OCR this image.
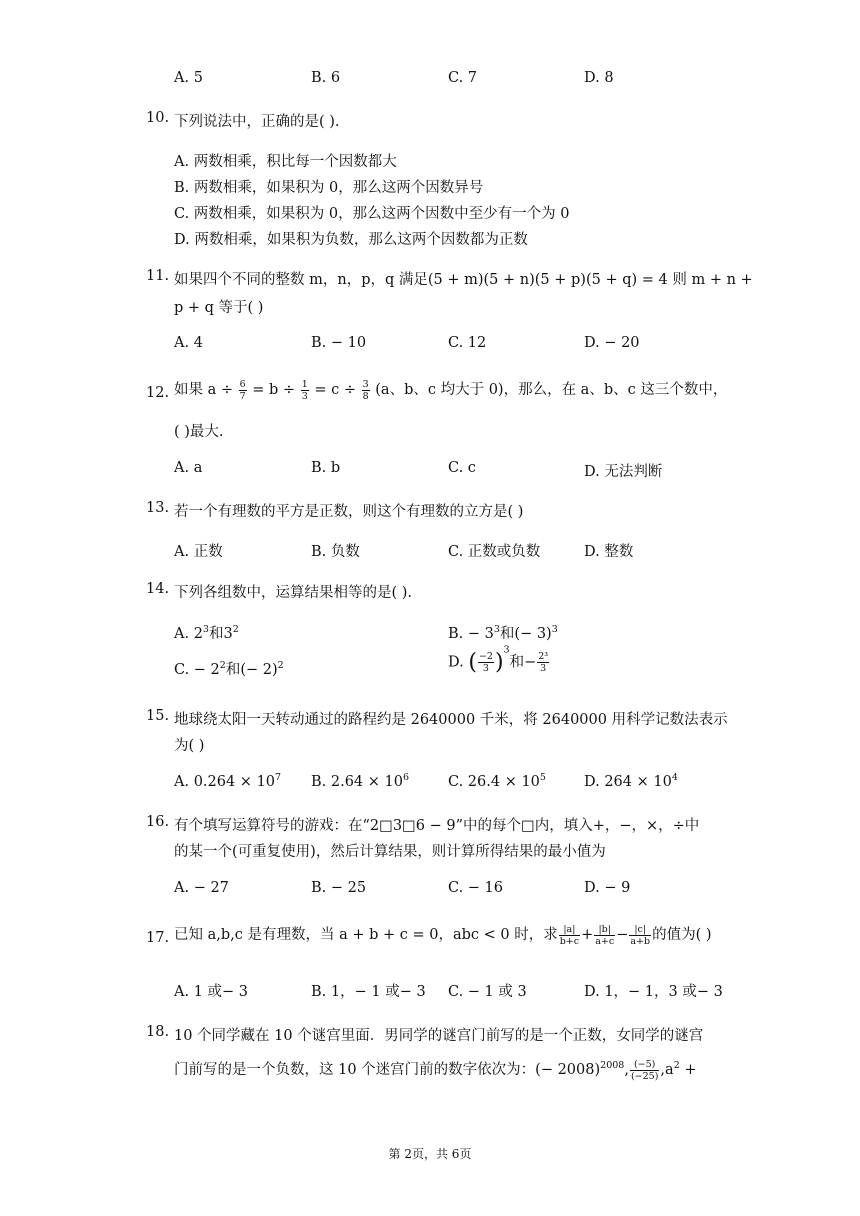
A. 5	B. 6	C. 7	D. 8
10. 下列说法中，正确的是( ).
A. 两数相乘，积比每一个因数都大
B. 两数相乘，如果积为 0，那么这两个因数异号
C. 两数相乘，如果积为 0，那么这两个因数中至少有一个为 0
D. 两数相乘，如果积为负数，那么这两个因数都为正数
11. 如果四个不同的整数 m，n，p，q 满足(5 + m)(5 + n)(5 + p)(5 + q) = 4 则 m + n +
p + q 等于( )
A. 4	B. − 10	C. 12	D. − 20
12. 如果 $a \div \frac{6}{7} = b \div \frac{1}{3} = c \div \frac{3}{8} (a$、b、c 均大于 0)，那么，在 a、b、c 这三个数中，
( )最大.
A. a	B. b	C. c	D. 无法判断
13. 若一个有理数的平方是正数，则这个有理数的立方是( )
A. 正数	B. 负数	C. 正数或负数	D. 整数
14. 下列各组数中，运算结果相等的是( ).
A. $2^3$和$3^2$	B. − $3^3$和(− 3)$^3$
C. − $2^2$和(− 2)$^2$	D. ( $\frac{-2}{3} )^3$和− $\frac{\text{2³}}{3}$
15. 地球绕太阳一天转动通过的路程约是 2640000 千米，将 2640000 用科学记数法表示
为( )
A. $0.264 \times 10^7$ B. $2.64 \times 10^6$	C. $26.4 \times 10^5$	D. $264 \times 10^4$
16. 有个填写运算符号的游戏：在“2□3□6 − 9”中的每个□内，填入+，−，×，÷中
的某一个(可重复使用)，然后计算结果，则计算所得结果的最小值为
A. − 27	B. − 25	C. − 16	D. − 9
17. 已知 a,b,c 是有理数，当 a + b + c = 0，abc < 0 时，求 $\frac{|a|}{b+c} + \frac{|b|}{a+c} - \frac{|c|}{a+b}$ 的值为( )
A. 1 或− 3	B. 1，− 1 或− 3 C. − 1 或 3	D. 1，− 1，3 或− 3
18. 10 个同学藏在 10 个谜宫里面．男同学的谜宫门前写的是一个正数，女同学的谜宫
门前写的是一个负数，这 10 个迷宫门前的数字依次为：(− 2008)$^{2008}$, $\frac{(-5)}{(-25)} ,a^2$ +
第 2页，共 6页
